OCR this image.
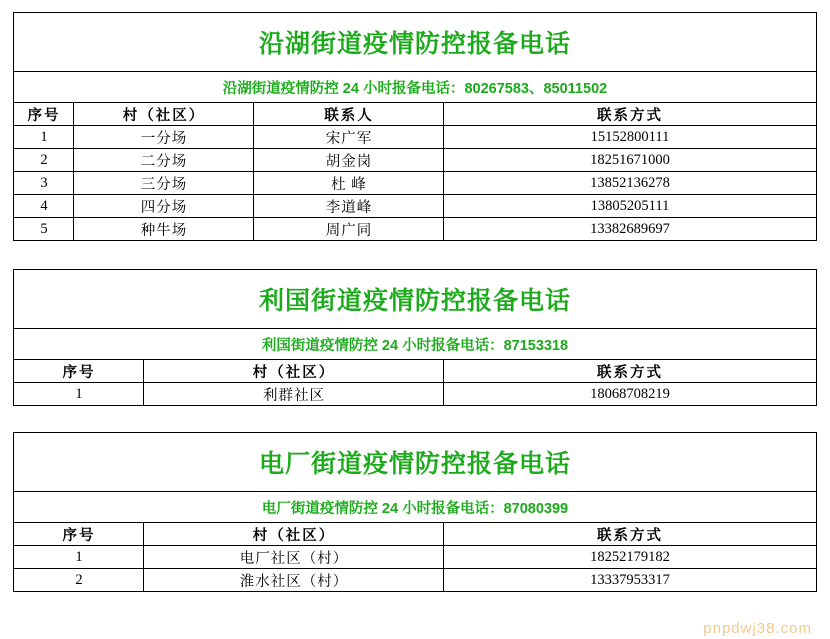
沿湖街道疫情防控报备电话			
沿湖街道疫情防控 24 小时报备电话：80267583、85011502			
序号	村（社区）	联系人	联系方式
1	一分场	宋广军	15152800111
2	二分场	胡金岗	18251671000
3	三分场	杜 峰	13852136278
4	四分场	李道峰	13805205111
5	种牛场	周广同	13382689697
利国街道疫情防控报备电话		
利国街道疫情防控 24 小时报备电话：87153318		
序号	村（社区）	联系方式
1	利群社区	18068708219
电厂街道疫情防控报备电话		
电厂街道疫情防控 24 小时报备电话：87080399		
序号	村（社区）	联系方式
1	电厂社区（村）	18252179182
2	淮水社区（村）	13337953317
pnpdwj38.com
